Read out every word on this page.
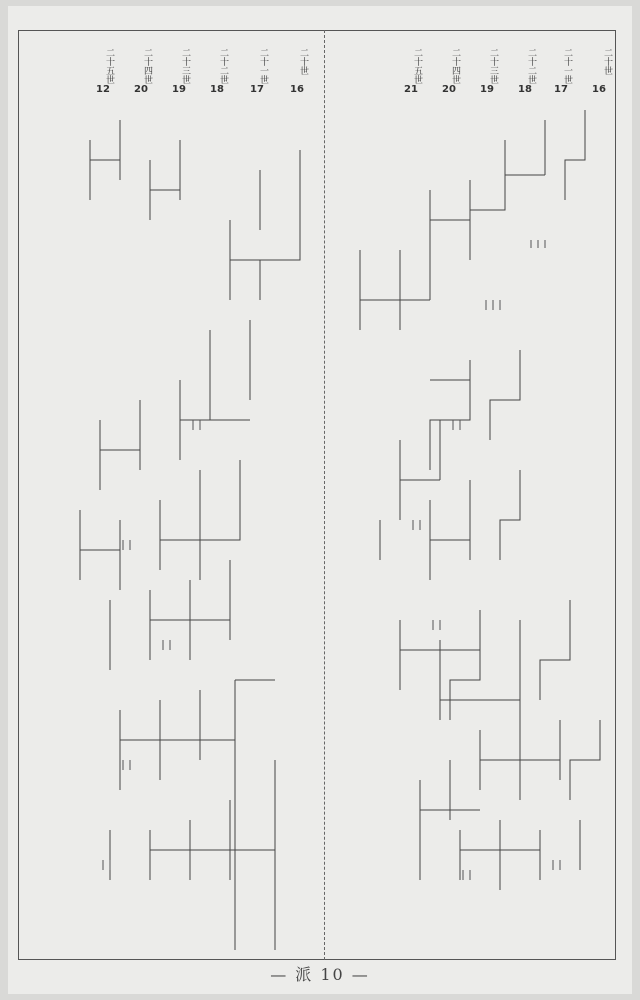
二十世
16
二十一世
17
二十二世
18
二十三世
19
二十四世
20
二十五世
21
二十世
16
二十一世
17
二十二世
18
二十三世
19
二十四世
20
二十五世
12
— 派 10 —
